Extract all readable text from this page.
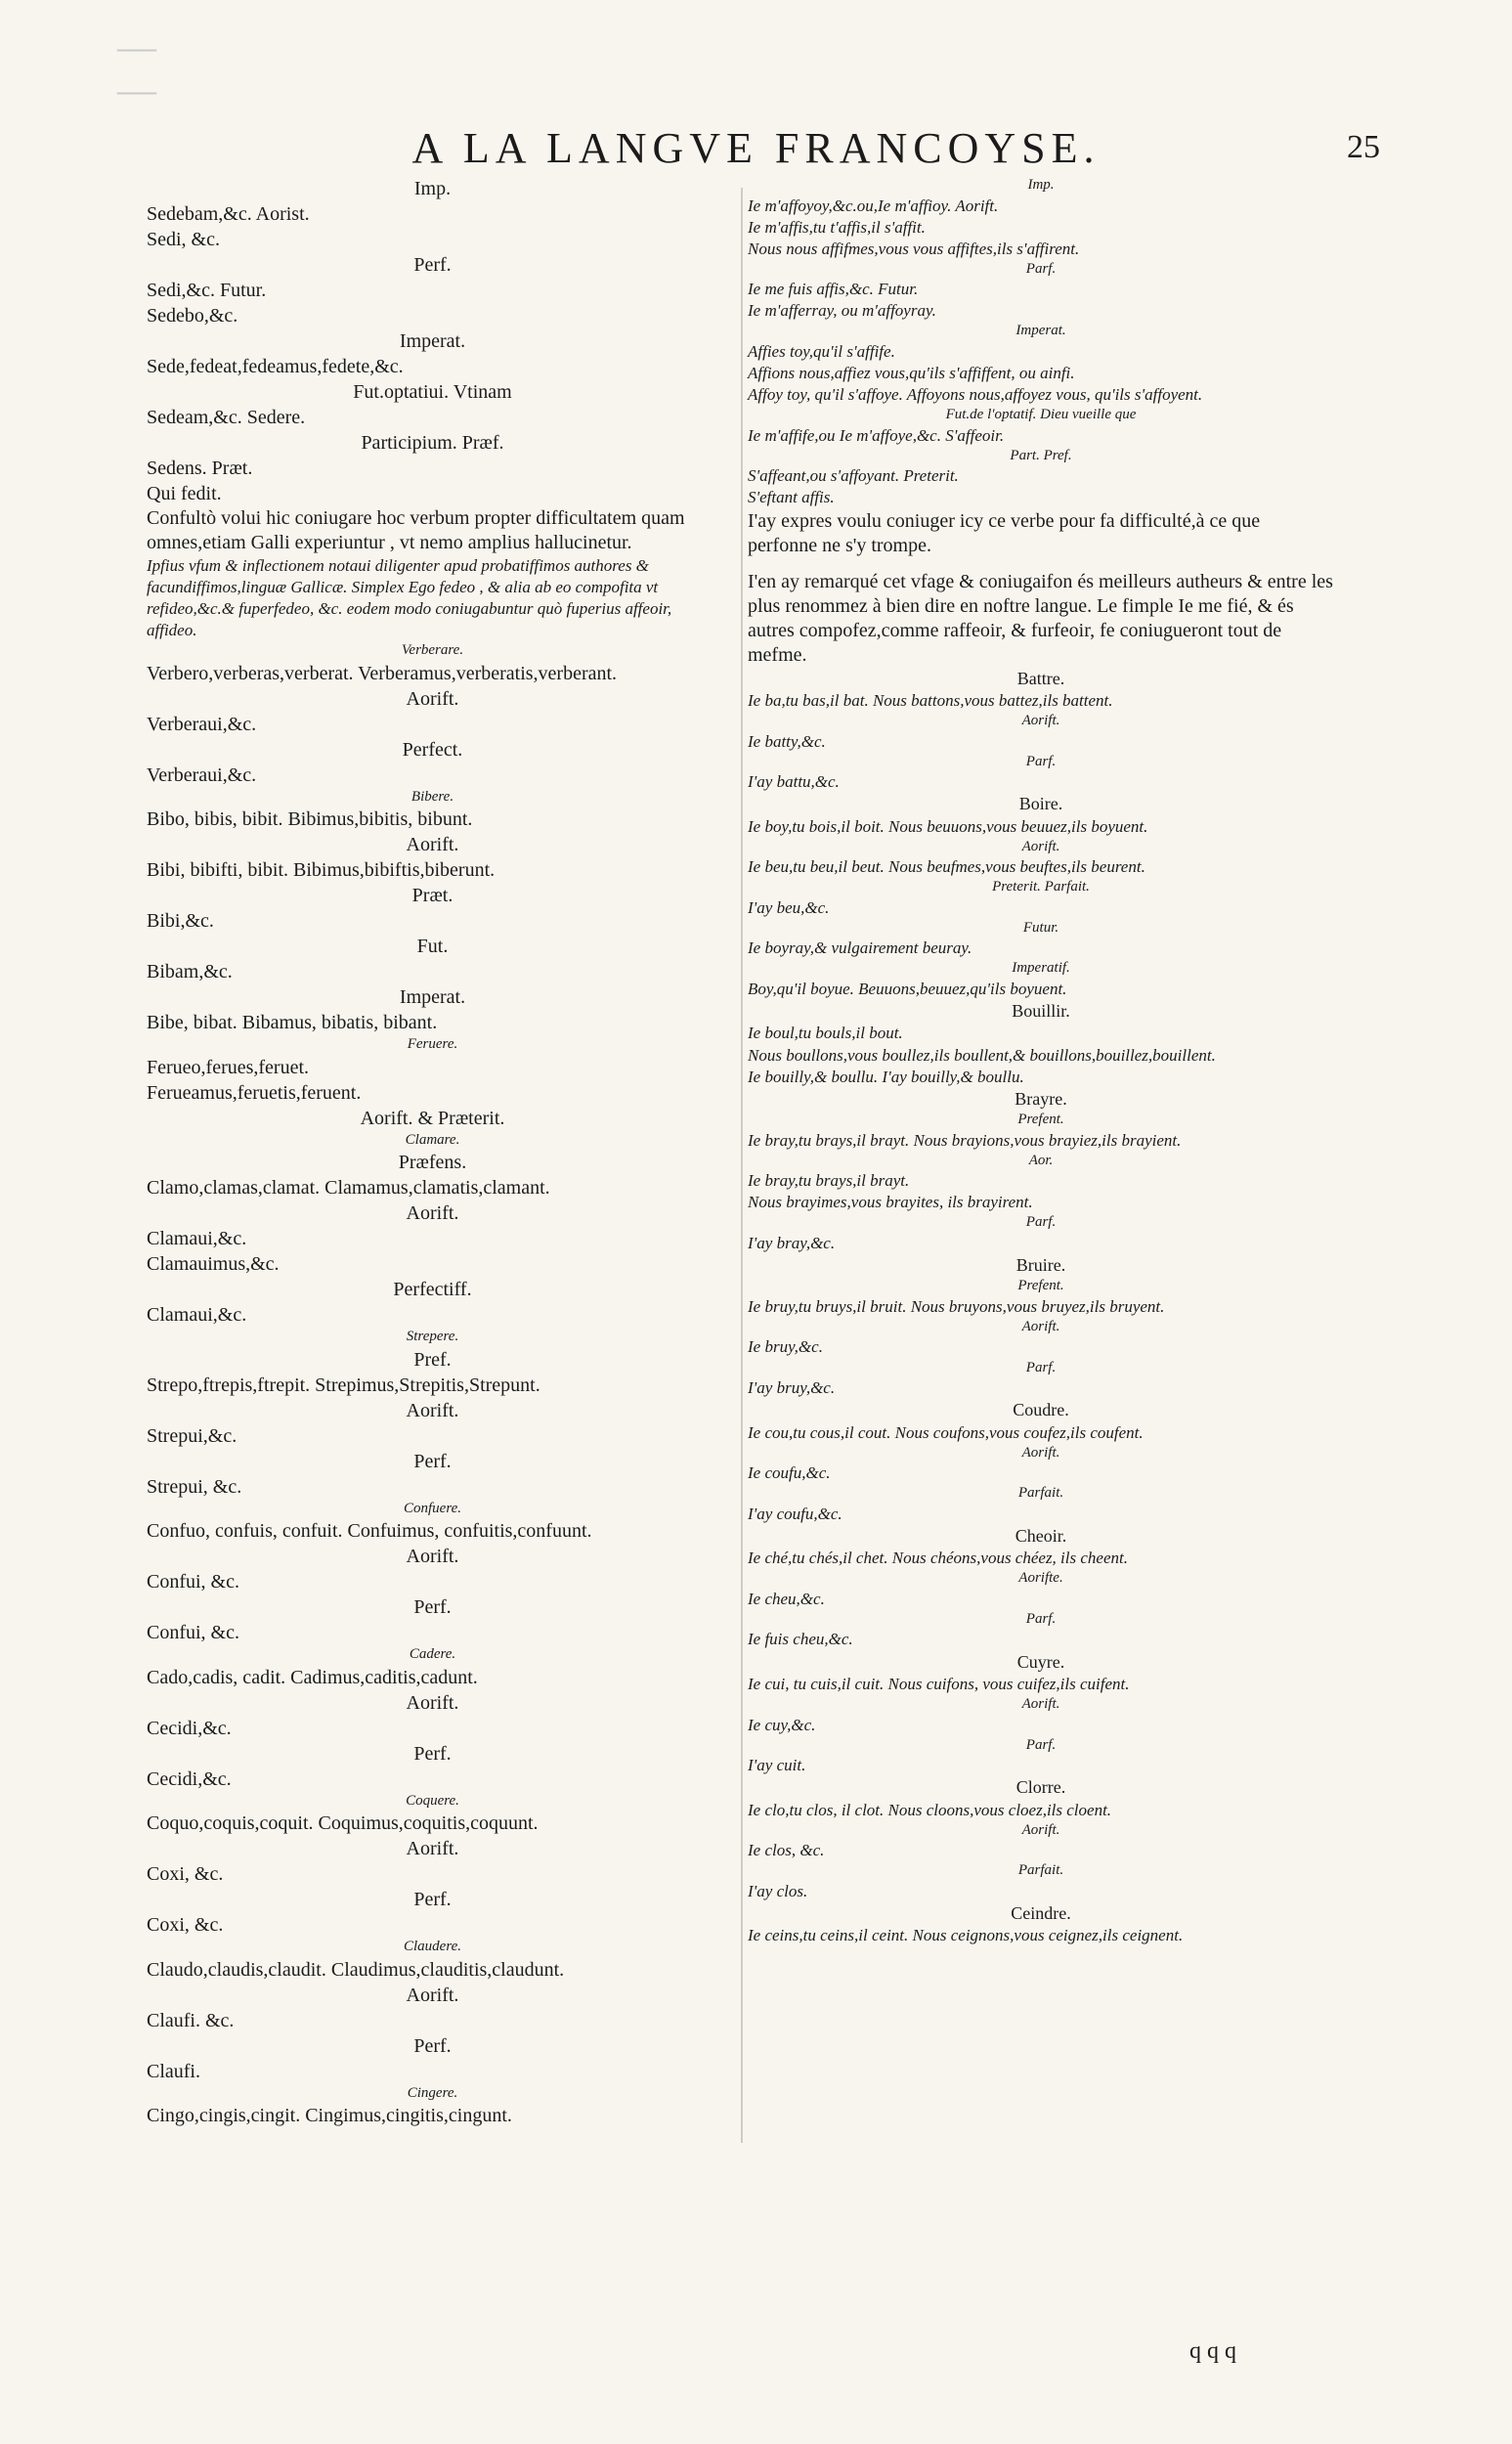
—
—
A LA LANGVE FRANCOYSE.	25
Imp.
Sedebam,&c. Aorist.
Sedi, &c.
Perf.
Sedi,&c. Futur.
Sedebo,&c.
Imperat.
Sede,fedeat,fedeamus,fedete,&c.
Fut.optatiui. Vtinam
Sedeam,&c. Sedere.
Participium. Præf.
Sedens. Præt.
Qui fedit.
Confultò volui hic coniugare hoc verbum propter difficultatem quam omnes,etiam Galli experiuntur , vt nemo amplius hallucinetur.
Ipfius vfum & inflectionem notaui diligenter apud probatiffimos authores & facundiffimos,linguæ Gallicæ. Simplex Ego fedeo , & alia ab eo compofita vt refideo,&c.& fuperfedeo, &c. eodem modo coniugabuntur quò fuperius affeoir, affideo.
Verberare.
Verbero,verberas,verberat. Verberamus,verberatis,verberant.
Aorift.
Verberaui,&c.
Perfect.
Verberaui,&c.
Bibere.
Bibo, bibis, bibit. Bibimus,bibitis, bibunt.
Aorift.
Bibi, bibifti, bibit. Bibimus,bibiftis,biberunt.
Præt.
Bibi,&c.
Fut.
Bibam,&c.
Imperat.
Bibe, bibat. Bibamus, bibatis, bibant.
Feruere.
Ferueo,ferues,feruet.
Ferueamus,feruetis,feruent.
Aorift. & Præterit.
Clamare.
Præfens.
Clamo,clamas,clamat. Clamamus,clamatis,clamant.
Aorift.
Clamaui,&c.
Clamauimus,&c.
Perfectiff.
Clamaui,&c.
Strepere.
Pref.
Strepo,ftrepis,ftrepit. Strepimus,Strepitis,Strepunt.
Aorift.
Strepui,&c.
Perf.
Strepui, &c.
Confuere.
Confuo, confuis, confuit. Confuimus, confuitis,confuunt.
Aorift.
Confui, &c.
Perf.
Confui, &c.
Cadere.
Cado,cadis, cadit. Cadimus,caditis,cadunt.
Aorift.
Cecidi,&c.
Perf.
Cecidi,&c.
Coquere.
Coquo,coquis,coquit. Coquimus,coquitis,coquunt.
Aorift.
Coxi, &c.
Perf.
Coxi, &c.
Claudere.
Claudo,claudis,claudit. Claudimus,clauditis,claudunt.
Aorift.
Claufi. &c.
Perf.
Claufi.
Cingere.
Cingo,cingis,cingit. Cingimus,cingitis,cingunt.
Imp.
Ie m'affoyoy,&c.ou,Ie m'affioy. Aorift.
Ie m'affis,tu t'affis,il s'affit.
Nous nous affifmes,vous vous affiftes,ils s'affirent.
Parf.
Ie me fuis affis,&c. Futur.
Ie m'afferray, ou m'affoyray.
Imperat.
Affies toy,qu'il s'affife.
Affions nous,affiez vous,qu'ils s'affiffent, ou ainfi.
Affoy toy, qu'il s'affoye. Affoyons nous,affoyez vous, qu'ils s'affoyent.
Fut.de l'optatif. Dieu vueille que
Ie m'affife,ou Ie m'affoye,&c. S'affeoir.
Part. Pref.
S'affeant,ou s'affoyant. Preterit.
S'eftant affis.
I'ay expres voulu coniuger icy ce verbe pour fa difficulté,à ce que perfonne ne s'y trompe.
I'en ay remarqué cet vfage & coniugaifon és meilleurs autheurs & entre les plus renommez à bien dire en noftre langue. Le fimple Ie me fié, & és autres compofez,comme raffeoir, & furfeoir, fe coniugueront tout de mefme.
Battre.
Ie ba,tu bas,il bat. Nous battons,vous battez,ils battent.
Aorift.
Ie batty,&c.
Parf.
I'ay battu,&c.
Boire.
Ie boy,tu bois,il boit. Nous beuuons,vous beuuez,ils boyuent.
Aorift.
Ie beu,tu beu,il beut. Nous beufmes,vous beuftes,ils beurent.
Preterit. Parfait.
I'ay beu,&c.
Futur.
Ie boyray,& vulgairement beuray.
Imperatif.
Boy,qu'il boyue. Beuuons,beuuez,qu'ils boyuent.
Bouillir.
Ie boul,tu bouls,il bout.
Nous boullons,vous boullez,ils boullent,& bouillons,bouillez,bouillent.
Ie bouilly,& boullu. I'ay bouilly,& boullu.
Brayre.
Prefent.
Ie bray,tu brays,il brayt. Nous brayions,vous brayiez,ils brayient.
Aor.
Ie bray,tu brays,il brayt.
Nous brayimes,vous brayites, ils brayirent.
Parf.
I'ay bray,&c.
Bruire.
Prefent.
Ie bruy,tu bruys,il bruit. Nous bruyons,vous bruyez,ils bruyent.
Aorift.
Ie bruy,&c.
Parf.
I'ay bruy,&c.
Coudre.
Ie cou,tu cous,il cout. Nous coufons,vous coufez,ils coufent.
Aorift.
Ie coufu,&c.
Parfait.
I'ay coufu,&c.
Cheoir.
Ie ché,tu chés,il chet. Nous chéons,vous chéez, ils cheent.
Aorifte.
Ie cheu,&c.
Parf.
Ie fuis cheu,&c.
Cuyre.
Ie cui, tu cuis,il cuit. Nous cuifons, vous cuifez,ils cuifent.
Aorift.
Ie cuy,&c.
Parf.
I'ay cuit.
Clorre.
Ie clo,tu clos, il clot. Nous cloons,vous cloez,ils cloent.
Aorift.
Ie clos, &c.
Parfait.
I'ay clos.
Ceindre.
Ie ceins,tu ceins,il ceint. Nous ceignons,vous ceignez,ils ceignent.
q q q
